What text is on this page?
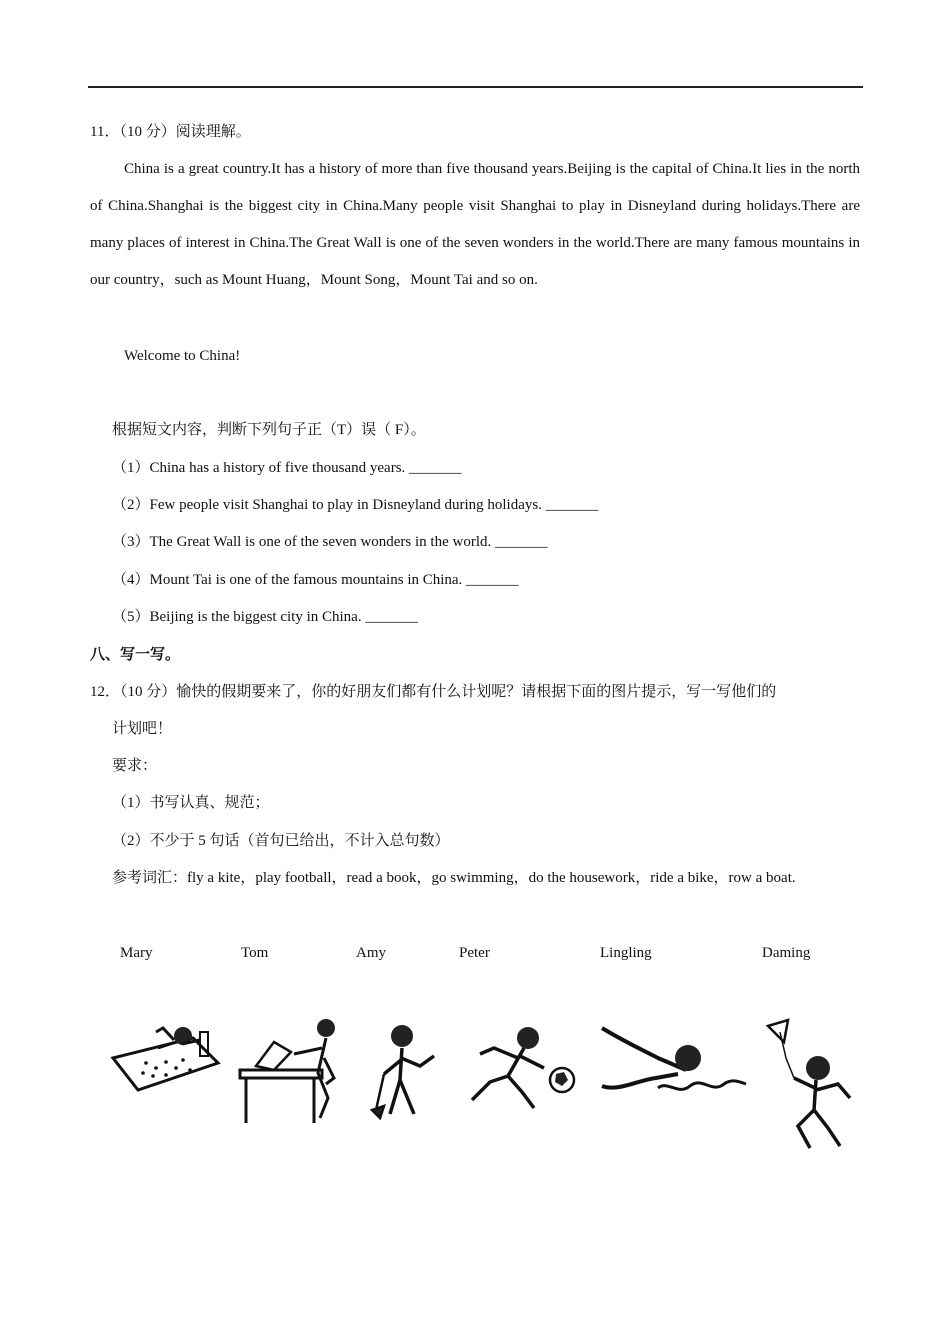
11．（10 分）阅读理解。
China is a great country.It has a history of more than five thousand years.Beijing is the capital of China.It lies in the north of China.Shanghai is the biggest city in China.Many people visit Shanghai to play in Disneyland during holidays.There are many places of interest in China.The Great Wall is one of the seven wonders in the world.There are many famous mountains in our country，such as Mount Huang，Mount Song，Mount Tai and so on.
Welcome to China!
根据短文内容，判断下列句子正（T）误（ F）。
（1）China has a history of five thousand years. _______
（2）Few people visit Shanghai to play in Disneyland during holidays. _______
（3）The Great Wall is one of the seven wonders in the world. _______
（4）Mount Tai is one of the famous mountains in China. _______
（5）Beijing is the biggest city in China. _______
八、写一写。
12．（10 分）愉快的假期要来了，你的好朋友们都有什么计划呢？请根据下面的图片提示，写一写他们的
计划吧！
要求：
（1）书写认真、规范；
（2）不少于 5 句话（首句已给出，不计入总句数）
参考词汇：fly a kite，play football，read a book，go swimming，do the housework，ride a bike，row a boat.
Mary	Tom	Amy	Peter	Lingling	Daming
